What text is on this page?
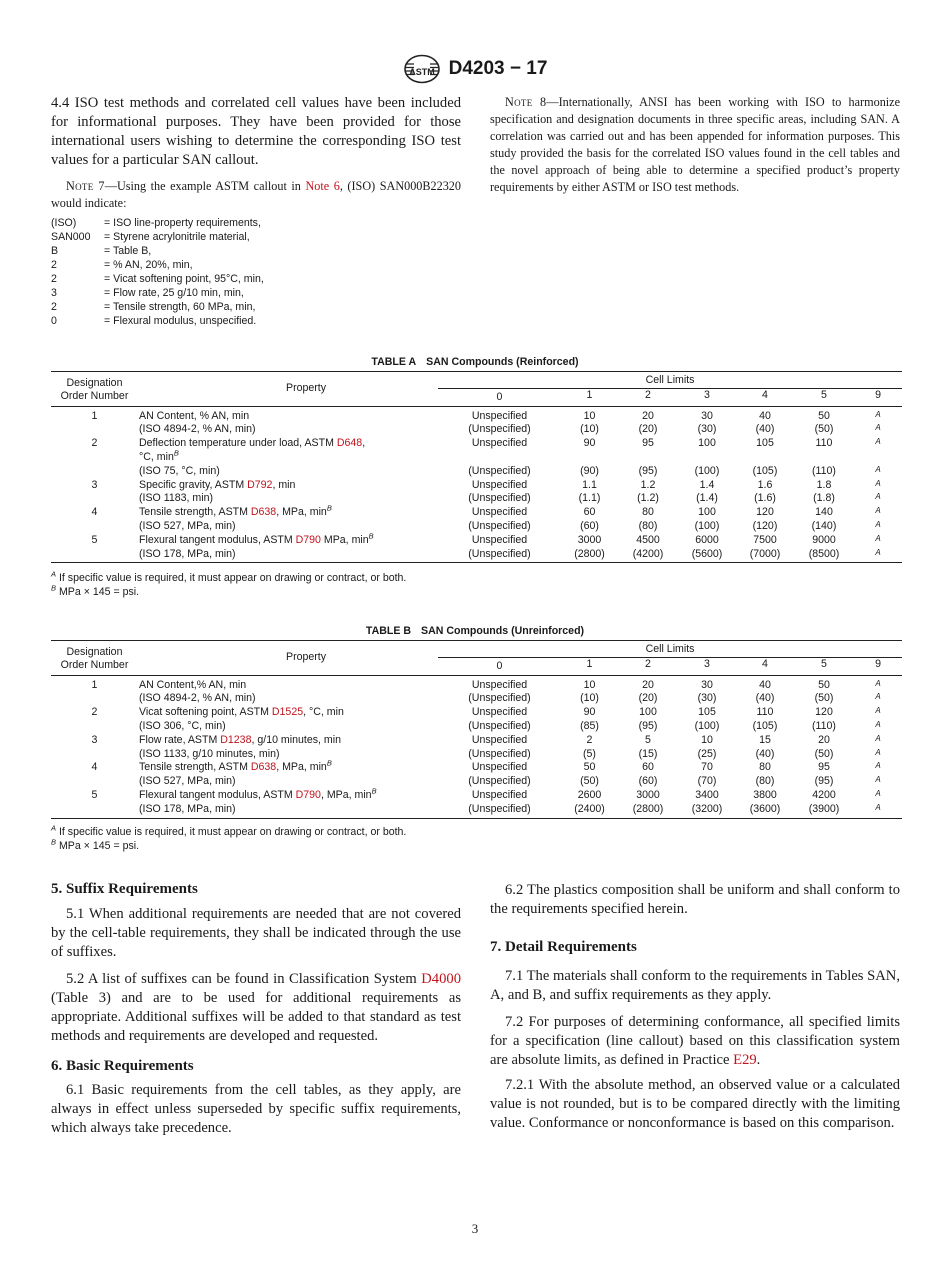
ASTM D4203 − 17
4.4 ISO test methods and correlated cell values have been included for informational purposes. They have been provided for those international users wishing to determine the corresponding ISO test values for a particular SAN callout.
Note 7—Using the example ASTM callout in Note 6, (ISO) SAN000B22320 would indicate:
(ISO)	= ISO line-property requirements,
SAN000	= Styrene acrylonitrile material,
B	= Table B,
2	= % AN, 20%, min,
2	= Vicat softening point, 95°C, min,
3	= Flow rate, 25 g/10 min, min,
2	= Tensile strength, 60 MPa, min,
0	= Flexural modulus, unspecified.
Note 8—Internationally, ANSI has been working with ISO to harmonize specification and designation documents in three specific areas, including SAN. A correlation was carried out and has been appended for information purposes. This study provided the basis for the correlated ISO values found in the cell tables and the novel approach of being able to determine a specified product’s property requirements by either ASTM or ISO test methods.
TABLE A SAN Compounds (Reinforced)
Designation
Order Number	Property	Cell Limits						
		0	1	2	3	4	5	9
1	AN Content, % AN, min	Unspecified	10	20	30	40	50	A
	(ISO 4894-2, % AN, min)	(Unspecified)	(10)	(20)	(30)	(40)	(50)	A
2	Deflection temperature under load, ASTM D648,
°C, $\min^B$	Unspecified	90	95	100	105	110	A
	(ISO 75, °C, min)	(Unspecified)	(90)	(95)	(100)	(105)	(110)	A
3	Specific gravity, ASTM D792, min	Unspecified	1.1	1.2	1.4	1.6	1.8	A
	(ISO 1183, min)	(Unspecified)	(1.1)	(1.2)	(1.4)	(1.6)	(1.8)	A
4	Tensile strength, ASTM D638, MPa, $\min^B$	Unspecified	60	80	100	120	140	A
	(ISO 527, MPa, min)	(Unspecified)	(60)	(80)	(100)	(120)	(140)	A
5	Flexural tangent modulus, ASTM D790 MPa, $\min^B$	Unspecified	3000	4500	6000	7500	9000	A
	(ISO 178, MPa, min)	(Unspecified)	(2800)	(4200)	(5600)	(7000)	(8500)	A
$^A$ If specific value is required, it must appear on drawing or contract, or both.
$^B$ MPa × 145 = psi.
TABLE B SAN Compounds (Unreinforced)
Designation
Order Number	Property	Cell Limits						
		0	1	2	3	4	5	9
1	AN Content,% AN, min	Unspecified	10	20	30	40	50	A
	(ISO 4894-2, % AN, min)	(Unspecified)	(10)	(20)	(30)	(40)	(50)	A
2	Vicat softening point, ASTM D1525, °C, min	Unspecified	90	100	105	110	120	A
	(ISO 306, °C, min)	(Unspecified)	(85)	(95)	(100)	(105)	(110)	A
3	Flow rate, ASTM D1238, g/10 minutes, min	Unspecified	2	5	10	15	20	A
	(ISO 1133, g/10 minutes, min)	(Unspecified)	(5)	(15)	(25)	(40)	(50)	A
4	Tensile strength, ASTM D638, MPa, $\min^B$	Unspecified	50	60	70	80	95	A
	(ISO 527, MPa, min)	(Unspecified)	(50)	(60)	(70)	(80)	(95)	A
5	Flexural tangent modulus, ASTM D790, MPa, $\min^B$	Unspecified	2600	3000	3400	3800	4200	A
	(ISO 178, MPa, min)	(Unspecified)	(2400)	(2800)	(3200)	(3600)	(3900)	A
$^A$ If specific value is required, it must appear on drawing or contract, or both.
$^B$ MPa × 145 = psi.
5. Suffix Requirements
5.1 When additional requirements are needed that are not covered by the cell-table requirements, they shall be indicated through the use of suffixes.
5.2 A list of suffixes can be found in Classification System D4000 (Table 3) and are to be used for additional requirements as appropriate. Additional suffixes will be added to that standard as test methods and requirements are developed and requested.
6. Basic Requirements
6.1 Basic requirements from the cell tables, as they apply, are always in effect unless superseded by specific suffix requirements, which always take precedence.
6.2 The plastics composition shall be uniform and shall conform to the requirements specified herein.
7. Detail Requirements
7.1 The materials shall conform to the requirements in Tables SAN, A, and B, and suffix requirements as they apply.
7.2 For purposes of determining conformance, all specified limits for a specification (line callout) based on this classification system are absolute limits, as defined in Practice E29.
7.2.1 With the absolute method, an observed value or a calculated value is not rounded, but is to be compared directly with the limiting value. Conformance or nonconformance is based on this comparison.
3
